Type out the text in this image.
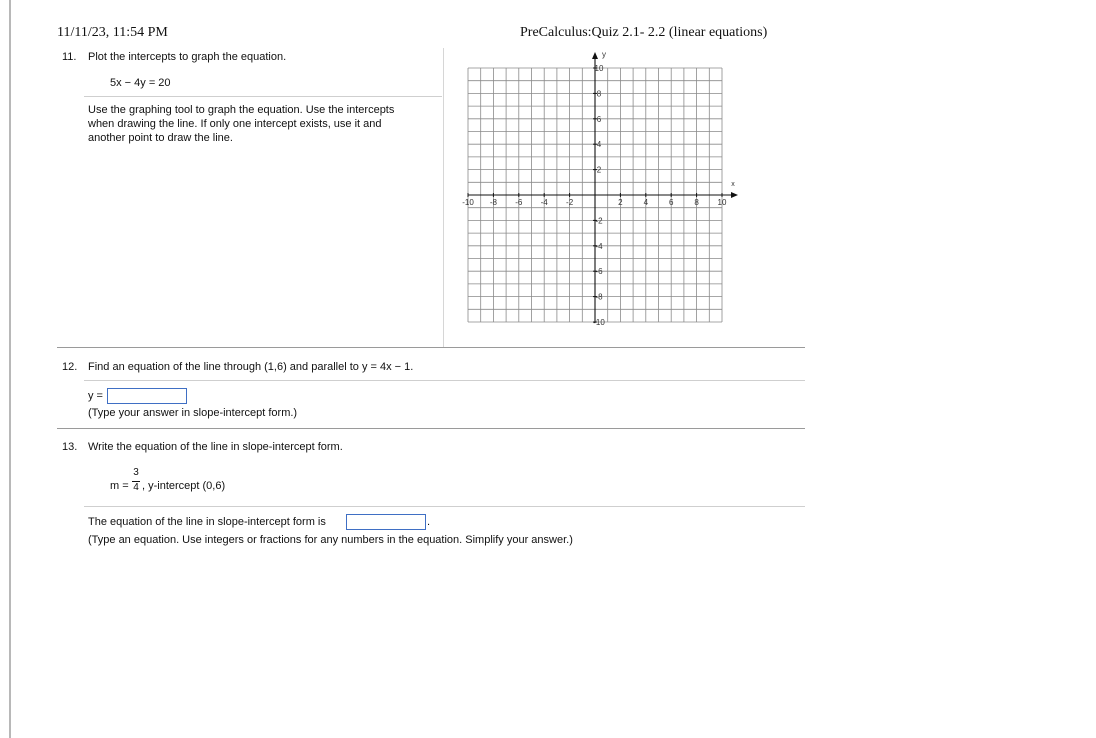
11/11/23, 11:54 PM	PreCalculus:Quiz 2.1- 2.2 (linear equations)
11. Plot the intercepts to graph the equation.
5x − 4y = 20
Use the graphing tool to graph the equation. Use the intercepts
when drawing the line. If only one intercept exists, use it and
another point to draw the line.
x
y
-10 -8 -6 -4 -2	2	4	6	8 10
10
8
6
4
2
-2
-4
-6
-8
-10
12. Find an equation of the line through (1,6) and parallel to y = 4x − 1.
y =
(Type your answer in slope-intercept form.)
13. Write the equation of the line in slope-intercept form.
m =
3
4 , y-intercept (0,6)
The equation of the line in slope-intercept form is	.
(Type an equation. Use integers or fractions for any numbers in the equation. Simplify your answer.)
